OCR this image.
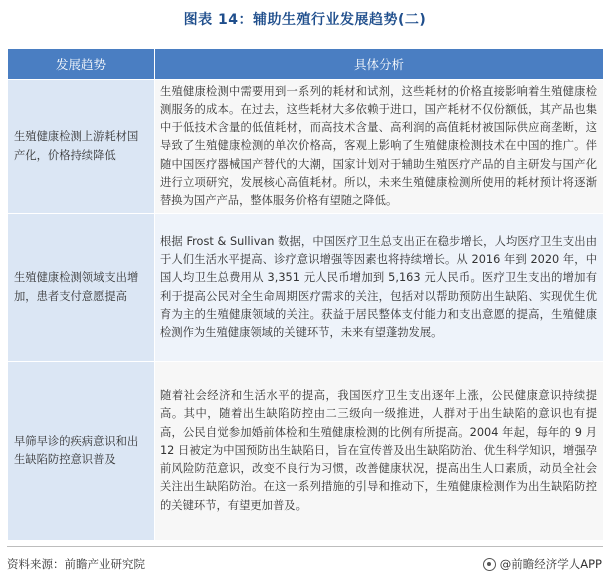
图表 14：辅助生殖行业发展趋势(二)
发展趋势	具体分析
生殖健康检测上游耗材国产化，价格持续降低	生殖健康检测中需要用到一系列的耗材和试剂，这些耗材的价格直接影响着生殖健康检测服务的成本。在过去，这些耗材大多依赖于进口，国产耗材不仅份额低，其产品也集中于低技术含量的低值耗材，而高技术含量、高利润的高值耗材被国际供应商垄断，这导致了生殖健康检测的单次价格高，客观上影响了生殖健康检测技术在中国的推广。伴随中国医疗器械国产替代的大潮，国家计划对于辅助生殖医疗产品的自主研发与国产化进行立项研究，发展核心高值耗材。所以，未来生殖健康检测所使用的耗材预计将逐渐替换为国产产品，整体服务价格有望随之降低。
生殖健康检测领域支出增加，患者支付意愿提高	根据 Frost & Sullivan 数据，中国医疗卫生总支出正在稳步增长，人均医疗卫生支出由于人们生活水平提高、诊疗意识增强等因素也将持续增长。从 2016 年到 2020 年，中国人均卫生总费用从 3,351 元人民币增加到 5,163 元人民币。医疗卫生支出的增加有利于提高公民对全生命周期医疗需求的关注，包括对以帮助预防出生缺陷、实现优生优育为主的生殖健康领域的关注。获益于居民整体支付能力和支出意愿的提高，生殖健康检测作为生殖健康领域的关键环节，未来有望蓬勃发展。
早筛早诊的疾病意识和出生缺陷防控意识普及	随着社会经济和生活水平的提高，我国医疗卫生支出逐年上涨，公民健康意识持续提高。其中，随着出生缺陷防控由二三级向一级推进，人群对于出生缺陷的意识也有提高，公民自觉参加婚前体检和生殖健康检测的比例有所提高。2004 年起，每年的 9 月 12 日被定为中国预防出生缺陷日，旨在宣传普及出生缺陷防治、优生科学知识，增强孕前风险防范意识，改变不良行为习惯，改善健康状况，提高出生人口素质，动员全社会关注出生缺陷防治。在这一系列措施的引导和推动下，生殖健康检测作为出生缺陷防控的关键环节，有望更加普及。
资料来源：前瞻产业研究院	@前瞻经济学人APP
